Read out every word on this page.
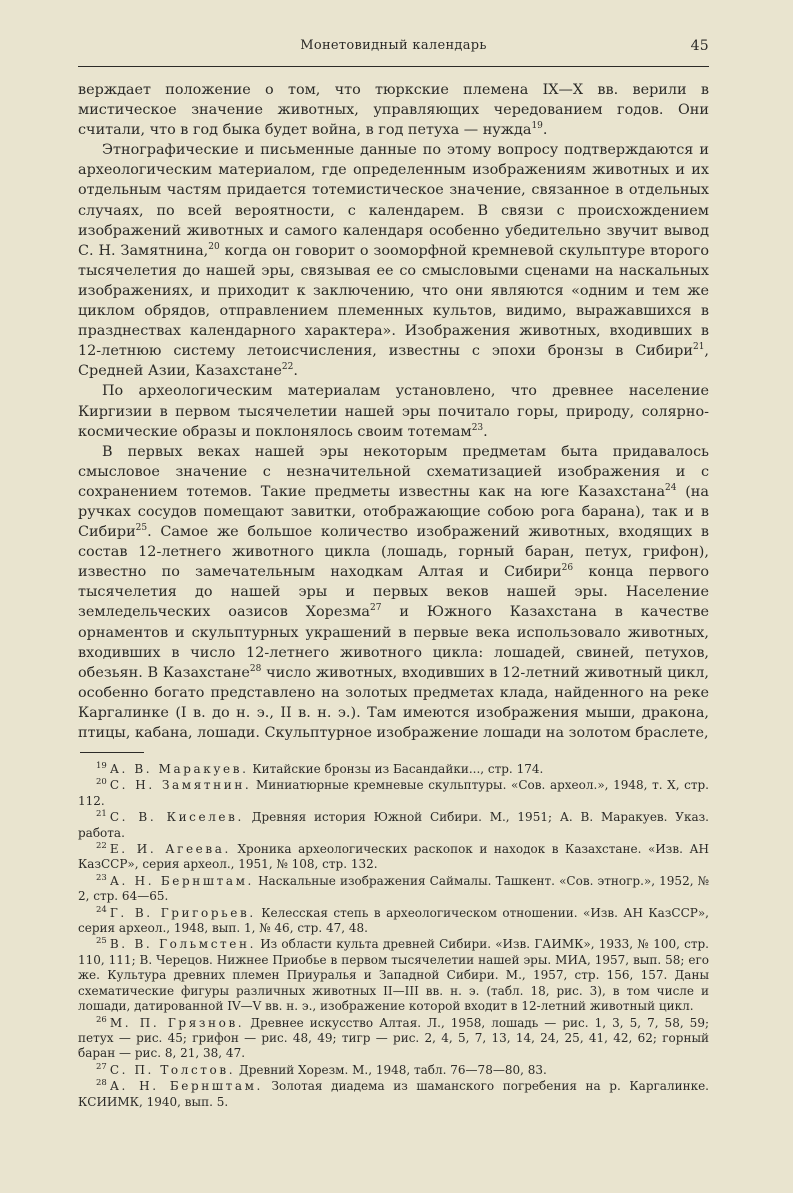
Монетовидный календарь	45

верждает положение о том, что тюркские племена IX—X вв. верили в мистическое значение животных, управляющих чередованием годов. Они считали, что в год быка будет война, в год петуха — нужда$^{19}$.

Этнографические и письменные данные по этому вопросу подтверждаются и археологическим материалом, где определенным изображениям животных и их отдельным частям придается тотемистическое значение, связанное в отдельных случаях, по всей вероятности, с календарем. В связи с происхождением изображений животных и самого календаря особенно убедительно звучит вывод С. Н. Замятнина,$^{20}$ когда он говорит о зооморфной кремневой скульптуре второго тысячелетия до нашей эры, связывая ее со смысловыми сценами на наскальных изображениях, и приходит к заключению, что они являются «одним и тем же циклом обрядов, отправлением племенных культов, видимо, выражавшихся в празднествах календарного характера». Изображения животных, входивших в 12-летнюю систему летоисчисления, известны с эпохи бронзы в Сибири$^{21}$, Средней Азии, Казахстане$^{22}$.

По археологическим материалам установлено, что древнее население Киргизии в первом тысячелетии нашей эры почитало горы, природу, солярно-космические образы и поклонялось своим тотемам$^{23}$.

В первых веках нашей эры некоторым предметам быта придавалось смысловое значение с незначительной схематизацией изображения и с сохранением тотемов. Такие предметы известны как на юге Казахстана$^{24}$ (на ручках сосудов помещают завитки, отображающие собою рога барана), так и в Сибири$^{25}$. Самое же большое количество изображений животных, входящих в состав 12-летнего животного цикла (лошадь, горный баран, петух, грифон), известно по замечательным находкам Алтая и Сибири$^{26}$ конца первого тысячелетия до нашей эры и первых веков нашей эры. Население земледельческих оазисов Хорезма$^{27}$ и Южного Казахстана в качестве орнаментов и скульптурных украшений в первые века использовало животных, входивших в число 12-летнего животного цикла: лошадей, свиней, петухов, обезьян. В Казахстане$^{28}$ число животных, входивших в 12-летний животный цикл, особенно богато представлено на золотых предметах клада, найденного на реке Каргалинке (I в. до н. э., II в. н. э.). Там имеются изображения мыши, дракона, птицы, кабана, лошади. Скульптурное изображение лошади на золотом браслете,

$^{19}$ А. В. Маракуев. Китайские бронзы из Басандайки..., стр. 174.

$^{20}$ С. Н. Замятнин. Миниатюрные кремневые скульптуры. «Сов. археол.», 1948, т. X, стр. 112.

$^{21}$ С. В. Киселев. Древняя история Южной Сибири. М., 1951; А. В. Маракуев. Указ. работа.

$^{22}$ Е. И. Агеева. Хроника археологических раскопок и находок в Казахстане. «Изв. АН КазССР», серия археол., 1951, № 108, стр. 132.

$^{23}$ А. Н. Бернштам. Наскальные изображения Саймалы. Ташкент. «Сов. этногр.», 1952, № 2, стр. 64—65.

$^{24}$ Г. В. Григорьев. Келесская степь в археологическом отношении. «Изв. АН КазССР», серия археол., 1948, вып. 1, № 46, стр. 47, 48.

$^{25}$ В. В. Гольмстен. Из области культа древней Сибири. «Изв. ГАИМК», 1933, № 100, стр. 110, 111; В. Черецов. Нижнее Приобье в первом тысячелетии нашей эры. МИА, 1957, вып. 58; его же. Культура древних племен Приуралья и Западной Сибири. М., 1957, стр. 156, 157. Даны схематические фигуры различных животных II—III вв. н. э. (табл. 18, рис. 3), в том числе и лошади, датированной IV—V вв. н. э., изображение которой входит в 12-летний животный цикл.

$^{26}$ М. П. Грязнов. Древнее искусство Алтая. Л., 1958, лошадь — рис. 1, 3, 5, 7, 58, 59; петух — рис. 45; грифон — рис. 48, 49; тигр — рис. 2, 4, 5, 7, 13, 14, 24, 25, 41, 42, 62; горный баран — рис. 8, 21, 38, 47.

$^{27}$ С. П. Толстов. Древний Хорезм. М., 1948, табл. 76—78—80, 83.

$^{28}$ А. Н. Бернштам. Золотая диадема из шаманского погребения на р. Каргалинке. КСИИМК, 1940, вып. 5.
